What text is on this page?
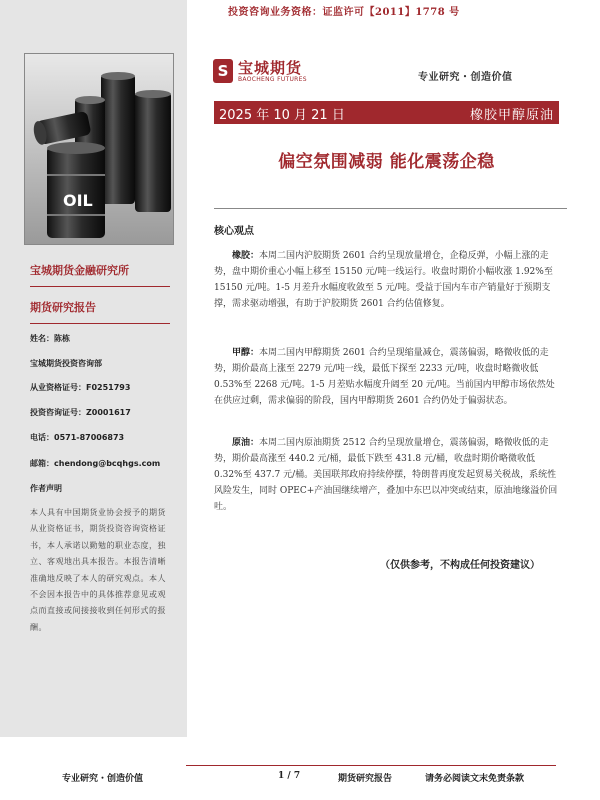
投资咨询业务资格：证监许可【2011】1778 号
OIL
S 宝城期货
BAOCHENG FUTURES	专业研究・创造价值
2025 年 10 月 21 日	橡胶甲醇原油
偏空氛围减弱 能化震荡企稳
核心观点

橡胶：本周二国内沪胶期货 2601 合约呈现放量增仓，企稳反弹，小幅上涨的走势，盘中期价重心小幅上移至 15150 元/吨一线运行。收盘时期价小幅收涨 1.92%至 15150 元/吨。1-5 月差升水幅度收敛至 5 元/吨。受益于国内车市产销量好于预期支撑，需求驱动增强，有助于沪胶期货 2601 合约估值修复。

甲醇：本周二国内甲醇期货 2601 合约呈现缩量减仓，震荡偏弱，略微收低的走势，期价最高上涨至 2279 元/吨一线，最低下探至 2233 元/吨，收盘时略微收低 0.53%至 2268 元/吨。1-5 月差贴水幅度升阔至 20 元/吨。当前国内甲醇市场依然处在供应过剩，需求偏弱的阶段，国内甲醇期货 2601 合约仍处于偏弱状态。

原油：本周二国内原油期货 2512 合约呈现放量增仓，震荡偏弱，略微收低的走势，期价最高涨至 440.2 元/桶，最低下跌至 431.8 元/桶，收盘时期价略微收低 0.32%至 437.7 元/桶。美国联邦政府持续停摆，特朗普再度发起贸易关税战，系统性风险发生，同时 OPEC+产油国继续增产，叠加中东巴以冲突或结束，原油地缘溢价回吐。

（仅供参考，不构成任何投资建议）
宝城期货金融研究所
期货研究报告
姓名：陈栋
宝城期货投资咨询部
从业资格证号：F0251793
投资咨询证号：Z0001617
电话：0571-87006873
邮箱：chendong@bcqhgs.com
作者声明
本人具有中国期货业协会授予的期货从业资格证书，期货投资咨询资格证书，本人承诺以勤勉的职业态度，独立、客观地出具本报告。本报告清晰准确地反映了本人的研究观点。本人不会因本报告中的具体推荐意见或观点而直接或间接接收到任何形式的报酬。
专业研究・创造价值	1 / 7	期货研究报告	请务必阅读文末免责条款
